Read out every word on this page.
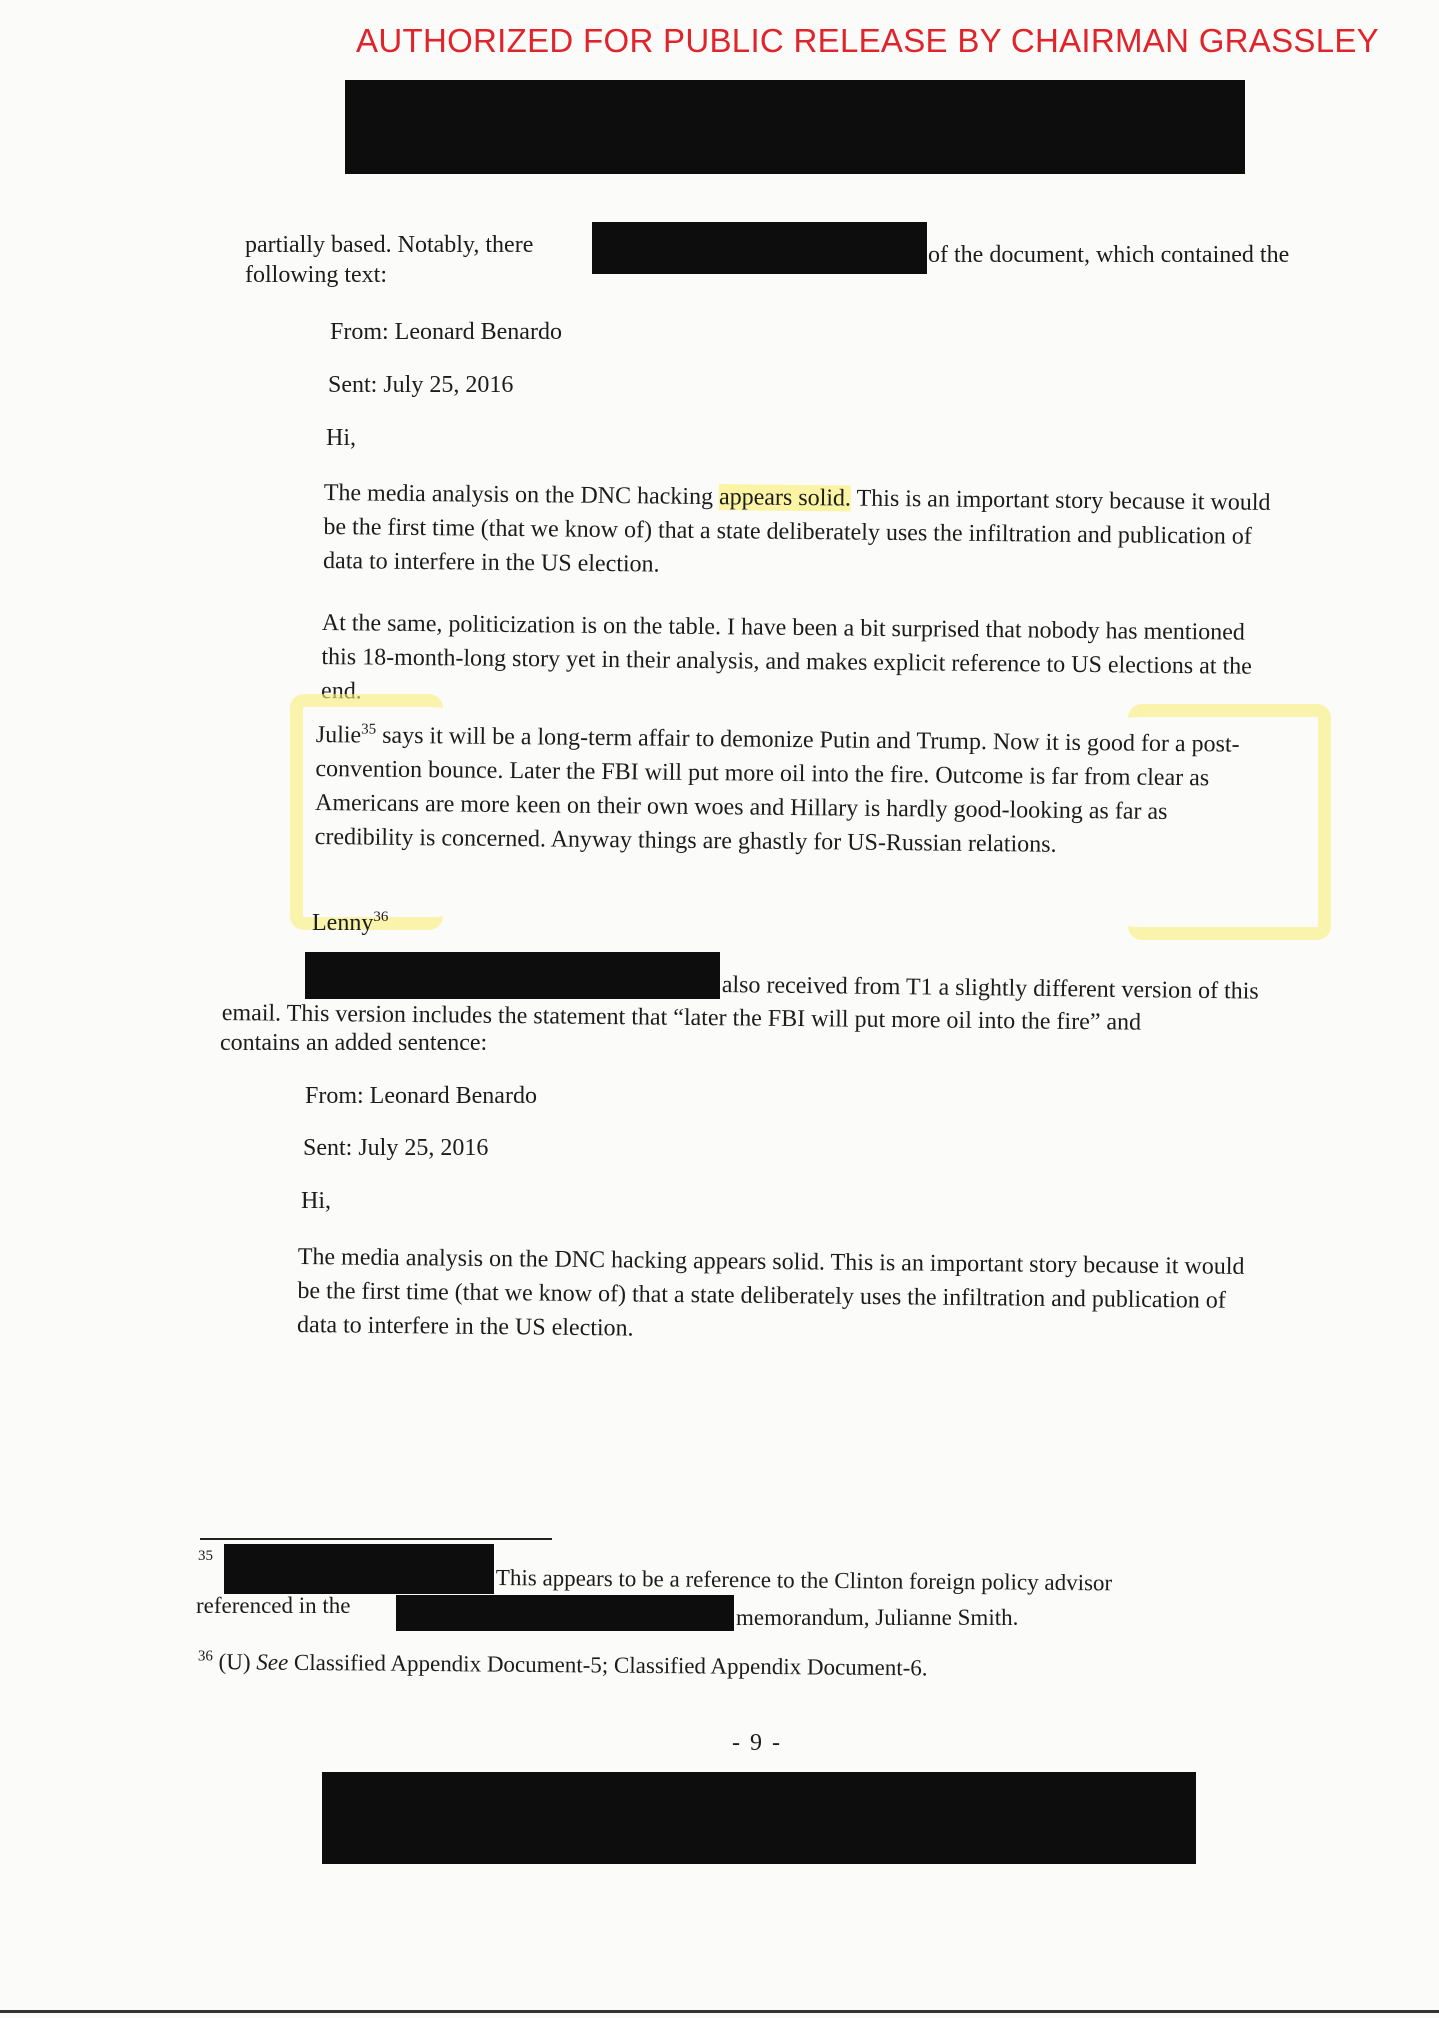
AUTHORIZED FOR PUBLIC RELEASE BY CHAIRMAN GRASSLEY
partially based. Notably, there	of the document, which contained the
following text:
From: Leonard Benardo
Sent: July 25, 2016
Hi,
The media analysis on the DNC hacking appears solid. This is an important story because it would be the first time (that we know of) that a state deliberately uses the infiltration and publication of data to interfere in the US election.
At the same, politicization is on the table. I have been a bit surprised that nobody has mentioned this 18-month-long story yet in their analysis, and makes explicit reference to US elections at the end.
Julie$^{35}$ says it will be a long-term affair to demonize Putin and Trump. Now it is good for a post-convention bounce. Later the FBI will put more oil into the fire. Outcome is far from clear as Americans are more keen on their own woes and Hillary is hardly good-looking as far as credibility is concerned. Anyway things are ghastly for US-Russian relations.
Lenny$^{36}$
also received from T1 a slightly different version of this
email. This version includes the statement that “later the FBI will put more oil into the fire” and
contains an added sentence:
From: Leonard Benardo
Sent: July 25, 2016
Hi,
The media analysis on the DNC hacking appears solid. This is an important story because it would be the first time (that we know of) that a state deliberately uses the infiltration and publication of data to interfere in the US election.
35
This appears to be a reference to the Clinton foreign policy advisor
referenced in the	memorandum, Julianne Smith.
$^{36}$ (U) See Classified Appendix Document-5; Classified Appendix Document-6.
- 9 -
